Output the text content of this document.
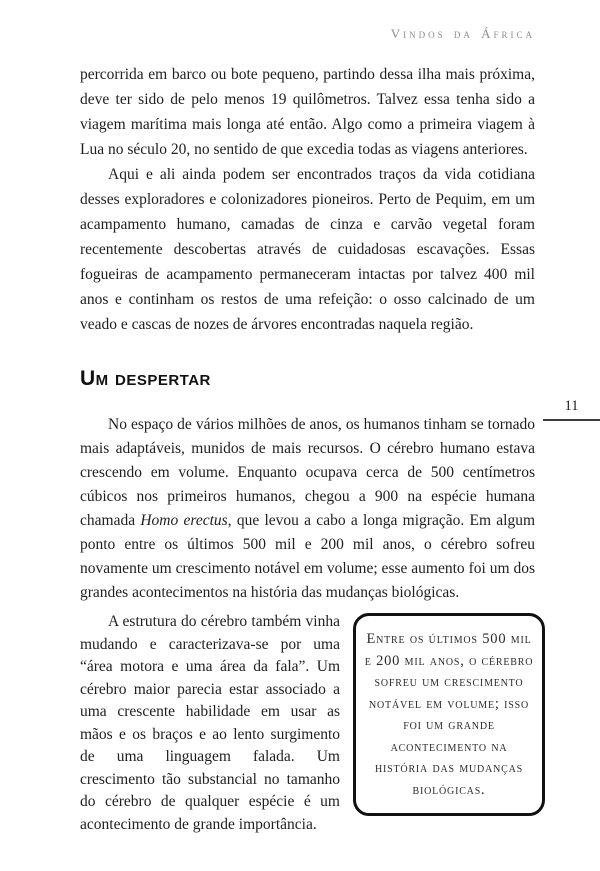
Vindos da África
11

percorrida em barco ou bote pequeno, partindo dessa ilha mais próxima, deve ter sido de pelo menos 19 quilômetros. Talvez essa tenha sido a viagem marítima mais longa até então. Algo como a primeira viagem à Lua no século 20, no sentido de que excedia todas as viagens anteriores.

Aqui e ali ainda podem ser encontrados traços da vida cotidiana desses exploradores e colonizadores pioneiros. Perto de Pequim, em um acampamento humano, camadas de cinza e carvão vegetal foram recentemente descobertas através de cuidadosas escavações. Essas fogueiras de acampamento permaneceram intactas por talvez 400 mil anos e continham os restos de uma refeição: o osso calcinado de um veado e cascas de nozes de árvores encontradas naquela região.

Um despertar

No espaço de vários milhões de anos, os humanos tinham se tornado mais adaptáveis, munidos de mais recursos. O cérebro humano estava crescendo em volume. Enquanto ocupava cerca de 500 centímetros cúbicos nos primeiros humanos, chegou a 900 na espécie humana chamada Homo erectus, que levou a cabo a longa migração. Em algum ponto entre os últimos 500 mil e 200 mil anos, o cérebro sofreu novamente um crescimento notável em volume; esse aumento foi um dos grandes acontecimentos na história das mudanças biológicas.

A estrutura do cérebro também vinha mudando e caracterizava-se por uma “área motora e uma área da fala”. Um cérebro maior parecia estar associado a uma crescente habilidade em usar as mãos e os braços e ao lento surgimento de uma linguagem falada. Um crescimento tão substancial no tamanho do cérebro de qualquer espécie é um acontecimento de grande importância.

Entre os últimos 500 mil e 200 mil anos, o cérebro sofreu um crescimento notável em volume; isso foi um grande acontecimento na história das mudanças biológicas.
